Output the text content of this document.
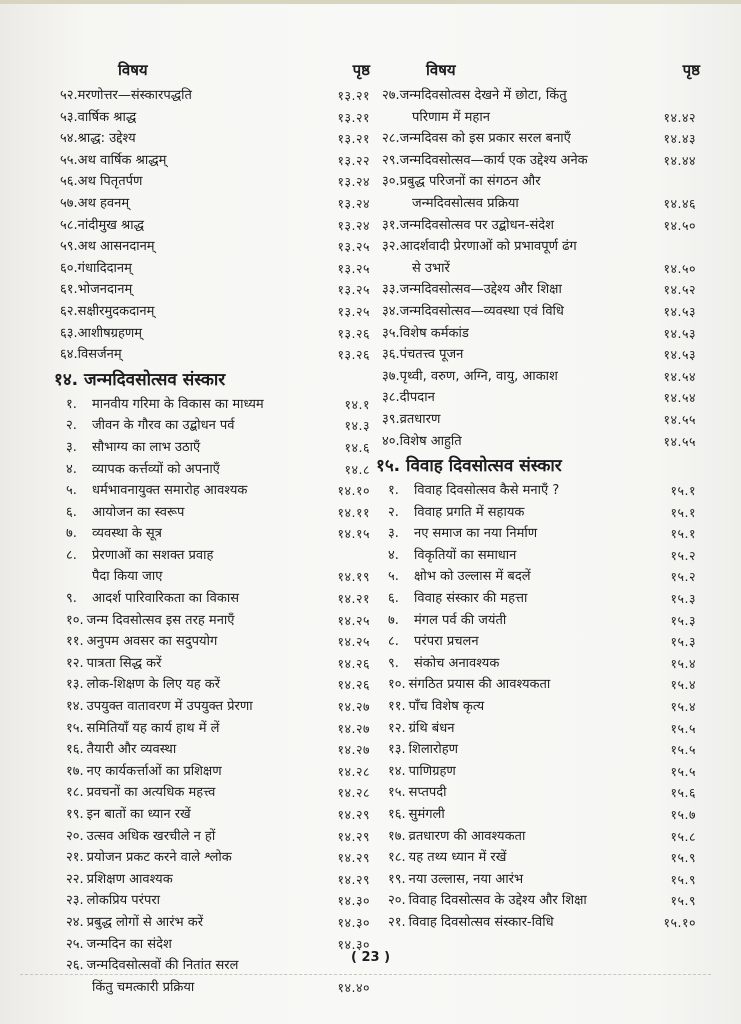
विषय	पृष्ठ
५२. मरणोत्तर—संस्कारपद्धति	१३.२१
५३. वार्षिक श्राद्ध	१३.२१
५४. श्राद्ध: उद्देश्य	१३.२१
५५. अथ वार्षिक श्राद्धम्	१३.२२
५६. अथ पितृतर्पण	१३.२४
५७. अथ हवनम्	१३.२४
५८. नांदीमुख श्राद्ध	१३.२४
५९. अथ आसनदानम्	१३.२५
६०. गंधादिदानम्	१३.२५
६१. भोजनदानम्	१३.२५
६२. सक्षीरमुदकदानम्	१३.२५
६३. आशीषग्रहणम्	१३.२६
६४. विसर्जनम्	१३.२६
१४. जन्मदिवसोत्सव संस्कार
१.	मानवीय गरिमा के विकास का माध्यम	१४.१
२.	जीवन के गौरव का उद्बोधन पर्व	१४.३
३.	सौभाग्य का लाभ उठाएँ	१४.६
४.	व्यापक कर्त्तव्यों को अपनाएँ	१४.८
५.	धर्मभावनायुक्त समारोह आवश्यक	१४.१०
६.	आयोजन का स्वरूप	१४.११
७.	व्यवस्था के सूत्र	१४.१५
८.	प्रेरणाओं का सशक्त प्रवाह
पैदा किया जाए	१४.१९
९.	आदर्श पारिवारिकता का विकास	१४.२१
१०. जन्म दिवसोत्सव इस तरह मनाएँ	१४.२५
११. अनुपम अवसर का सदुपयोग	१४.२५
१२. पात्रता सिद्ध करें	१४.२६
१३. लोक-शिक्षण के लिए यह करें	१४.२६
१४. उपयुक्त वातावरण में उपयुक्त प्रेरणा	१४.२७
१५. समितियाँ यह कार्य हाथ में लें	१४.२७
१६. तैयारी और व्यवस्था	१४.२७
१७. नए कार्यकर्त्ताओं का प्रशिक्षण	१४.२८
१८. प्रवचनों का अत्यधिक महत्त्व	१४.२८
१९. इन बातों का ध्यान रखें	१४.२९
२०. उत्सव अधिक खरचीले न हों	१४.२९
२१. प्रयोजन प्रकट करने वाले श्लोक	१४.२९
२२. प्रशिक्षण आवश्यक	१४.२९
२३. लोकप्रिय परंपरा	१४.३०
२४. प्रबुद्ध लोगों से आरंभ करें	१४.३०
२५. जन्मदिन का संदेश	१४.३०
२६. जन्मदिवसोत्सवों की नितांत सरल
किंतु चमत्कारी प्रक्रिया	१४.४०
विषय	पृष्ठ
२७. जन्मदिवसोत्वस देखने में छोटा, किंतु
परिणाम में महान	१४.४२
२८. जन्मदिवस को इस प्रकार सरल बनाएँ	१४.४३
२९. जन्मदिवसोत्सव—कार्य एक उद्देश्य अनेक	१४.४४
३०. प्रबुद्ध परिजनों का संगठन और
जन्मदिवसोत्सव प्रक्रिया	१४.४६
३१. जन्मदिवसोत्सव पर उद्बोधन-संदेश	१४.५०
३२. आदर्शवादी प्रेरणाओं को प्रभावपूर्ण ढंग
से उभारें	१४.५०
३३. जन्मदिवसोत्सव—उद्देश्य और शिक्षा	१४.५२
३४. जन्मदिवसोत्सव—व्यवस्था एवं विधि	१४.५३
३५. विशेष कर्मकांड	१४.५३
३६. पंचतत्त्व पूजन	१४.५३
३७. पृथ्वी, वरुण, अग्नि, वायु, आकाश	१४.५४
३८. दीपदान	१४.५४
३९. व्रतधारण	१४.५५
४०. विशेष आहुति	१४.५५
१५. विवाह दिवसोत्सव संस्कार
१.	विवाह दिवसोत्सव कैसे मनाएँ ?	१५.१
२.	विवाह प्रगति में सहायक	१५.१
३.	नए समाज का नया निर्माण	१५.१
४.	विकृतियों का समाधान	१५.२
५.	क्षोभ को उल्लास में बदलें	१५.२
६.	विवाह संस्कार की महत्ता	१५.३
७.	मंगल पर्व की जयंती	१५.३
८.	परंपरा प्रचलन	१५.३
९.	संकोच अनावश्यक	१५.४
१०. संगठित प्रयास की आवश्यकता	१५.४
११. पाँच विशेष कृत्य	१५.४
१२. ग्रंथि बंधन	१५.५
१३. शिलारोहण	१५.५
१४. पाणिग्रहण	१५.५
१५. सप्तपदी	१५.६
१६. सुमंगली	१५.७
१७. व्रतधारण की आवश्यकता	१५.८
१८. यह तथ्य ध्यान में रखें	१५.९
१९. नया उल्लास, नया आरंभ	१५.९
२०. विवाह दिवसोत्सव के उद्देश्य और शिक्षा	१५.९
२१. विवाह दिवसोत्सव संस्कार-विधि	१५.१०
( 23 )
